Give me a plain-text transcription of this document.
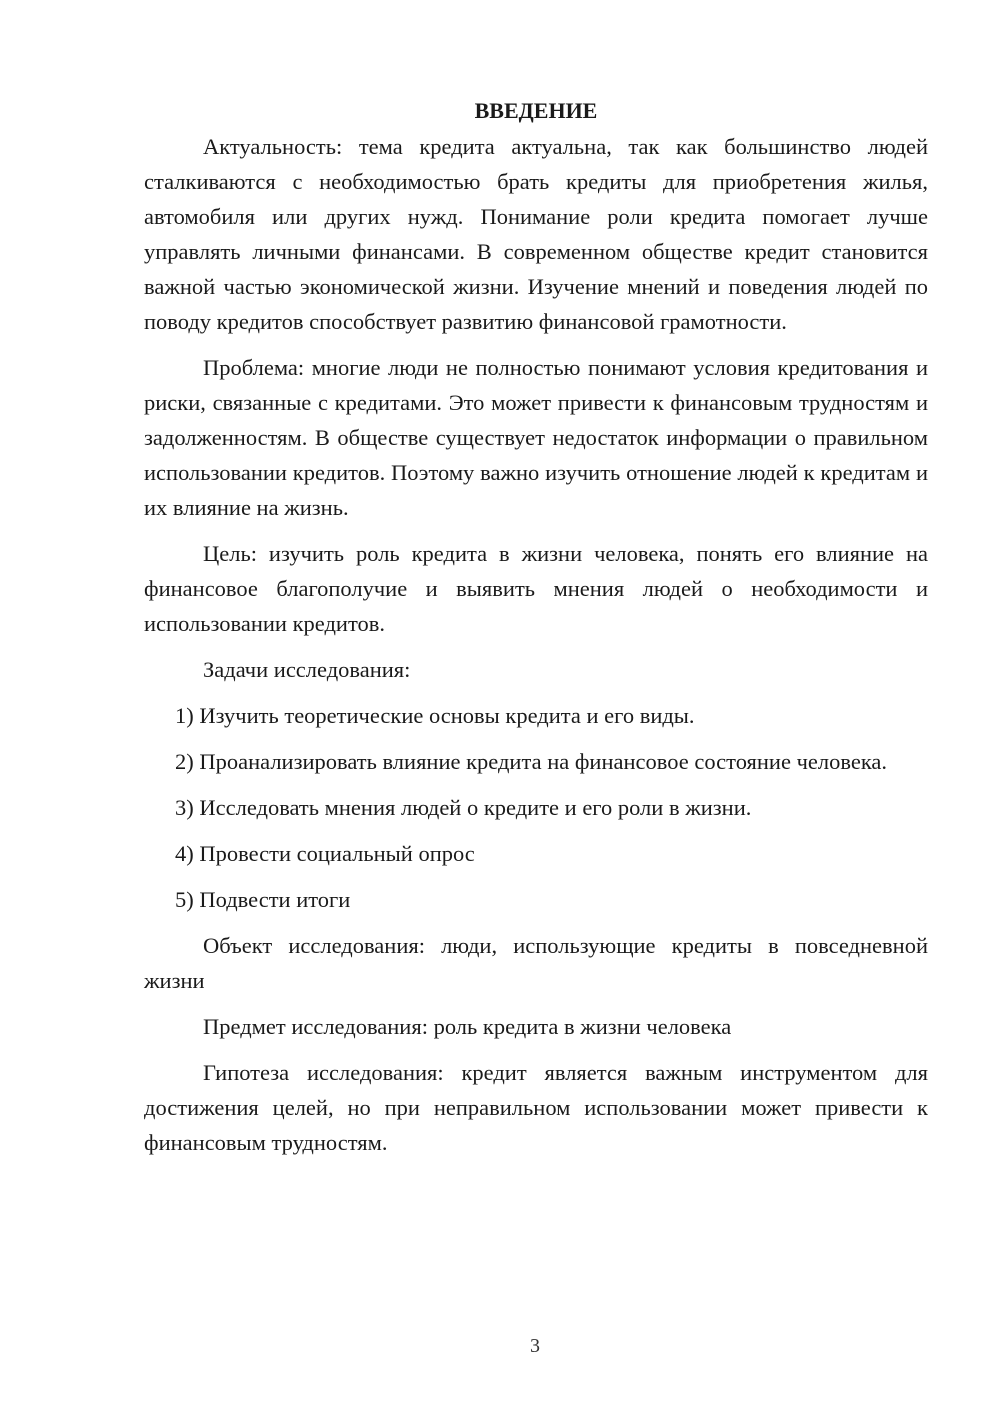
ВВЕДЕНИЕ

Актуальность: тема кредита актуальна, так как большинство людей сталкиваются с необходимостью брать кредиты для приобретения жилья, автомобиля или других нужд. Понимание роли кредита помогает лучше управлять личными финансами. В современном обществе кредит становится важной частью экономической жизни. Изучение мнений и поведения людей по поводу кредитов способствует развитию финансовой грамотности.

Проблема: многие люди не полностью понимают условия кредитования и риски, связанные с кредитами. Это может привести к финансовым трудностям и задолженностям. В обществе существует недостаток информации о правильном использовании кредитов. Поэтому важно изучить отношение людей к кредитам и их влияние на жизнь.

Цель: изучить роль кредита в жизни человека, понять его влияние на финансовое благополучие и выявить мнения людей о необходимости и использовании кредитов.

Задачи исследования:

1) Изучить теоретические основы кредита и его виды.

2) Проанализировать влияние кредита на финансовое состояние человека.

3) Исследовать мнения людей о кредите и его роли в жизни.

4) Провести социальный опрос

5) Подвести итоги

Объект исследования: люди, использующие кредиты в повседневной жизни

Предмет исследования: роль кредита в жизни человека

Гипотеза исследования: кредит является важным инструментом для достижения целей, но при неправильном использовании может привести к финансовым трудностям.

3
